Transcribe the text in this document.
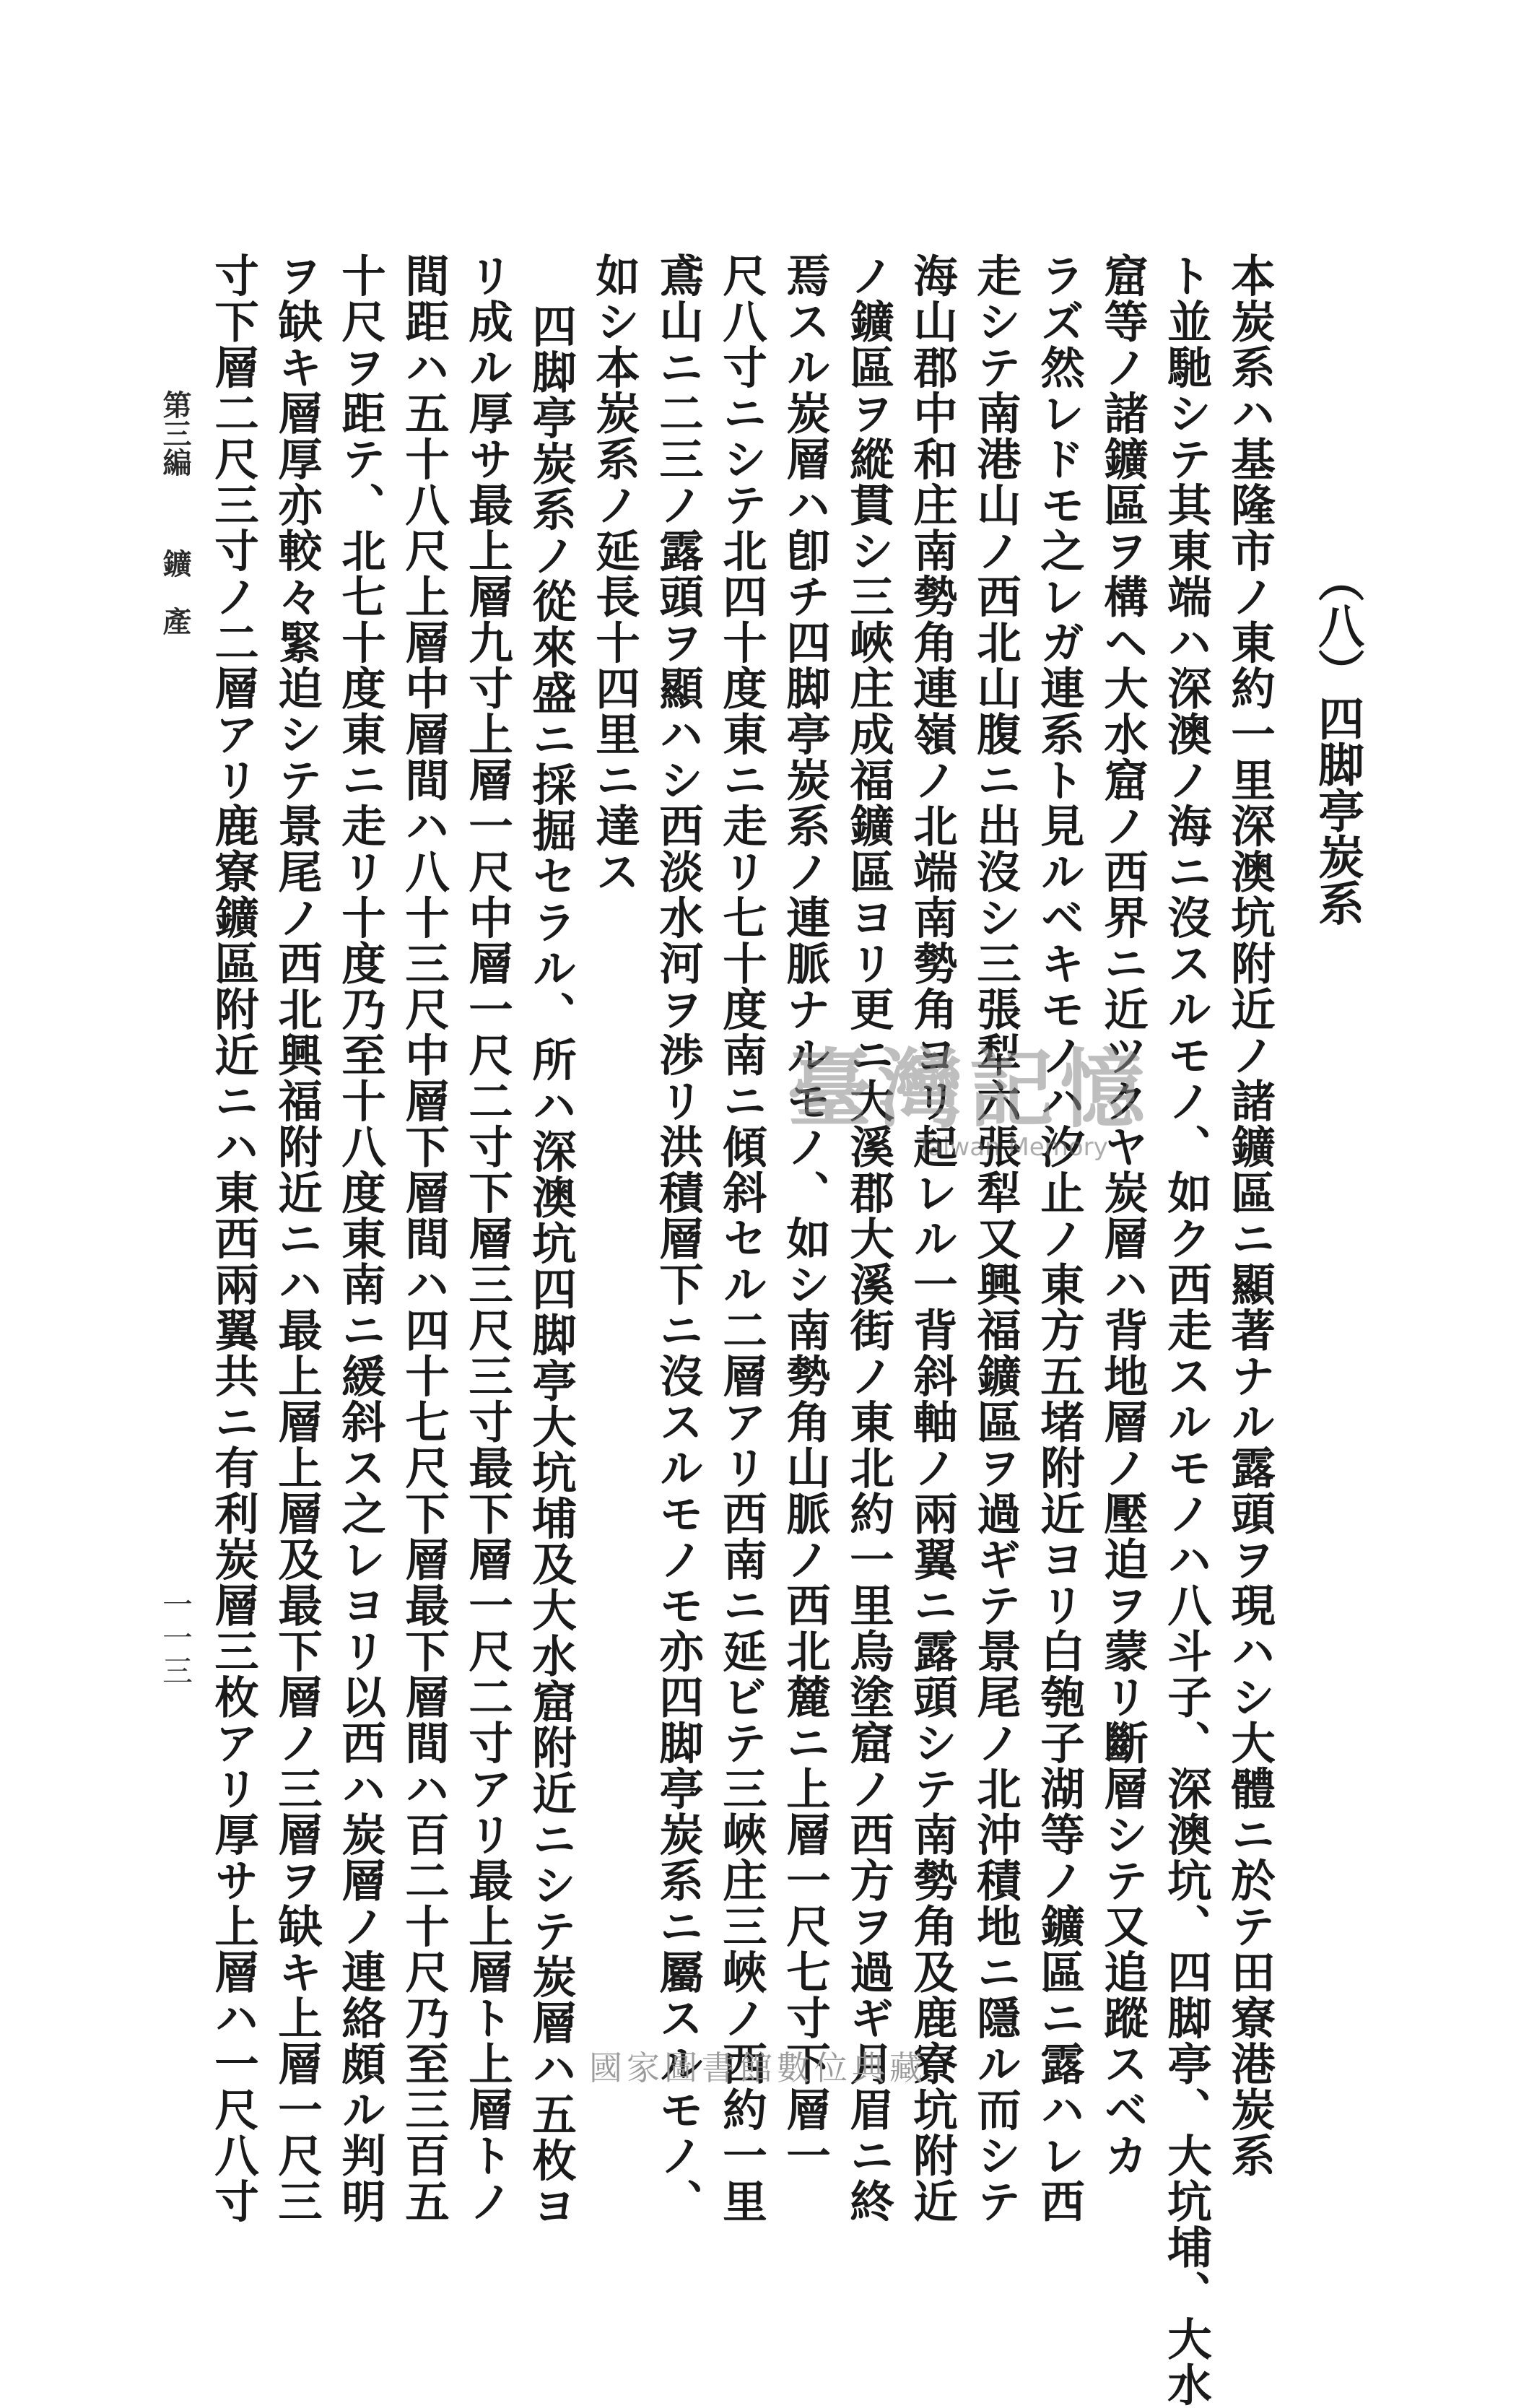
（八）四脚亭炭系
本炭系ハ基隆市ノ東約一里深澳坑附近ノ諸鑛區ニ顯著ナル露頭ヲ現ハシ大體ニ於テ田寮港炭系
ト並馳シテ其東端ハ深澳ノ海ニ沒スルモノ、如ク西走スルモノハ八斗子、深澳坑、四脚亭、大坑埔、大水
窟等ノ諸鑛區ヲ構ヘ大水窟ノ西界ニ近ツクヤ炭層ハ背地層ノ壓迫ヲ蒙リ斷層シテ又追蹤スベカ
ラズ然レドモ之レガ連系ト見ルベキモノハ汐止ノ東方五堵附近ヨリ白匏子湖等ノ鑛區ニ露ハレ西
走シテ南港山ノ西北山腹ニ出沒シ三張犁六張犁又興福鑛區ヲ過ギテ景尾ノ北沖積地ニ隱ル而シテ
海山郡中和庄南勢角連嶺ノ北端南勢角ヨリ起レル一背斜軸ノ兩翼ニ露頭シテ南勢角及鹿寮坑附近
ノ鑛區ヲ縱貫シ三峽庄成福鑛區ヨリ更ニ大溪郡大溪街ノ東北約一里烏塗窟ノ西方ヲ過ギ月眉ニ終
焉スル炭層ハ卽チ四脚亭炭系ノ連脈ナルモノ、如シ南勢角山脈ノ西北麓ニ上層一尺七寸下層一
尺八寸ニシテ北四十度東ニ走リ七十度南ニ傾斜セル二層アリ西南ニ延ビテ三峽庄三峽ノ西約一里
鳶山ニ二三ノ露頭ヲ顯ハシ西淡水河ヲ渉リ洪積層下ニ沒スルモノモ亦四脚亭炭系ニ屬スルモノ、
如シ本炭系ノ延長十四里ニ達ス
四脚亭炭系ノ從來盛ニ採掘セラル、所ハ深澳坑四脚亭大坑埔及大水窟附近ニシテ炭層ハ五枚ヨ
リ成ル厚サ最上層九寸上層一尺中層一尺二寸下層三尺三寸最下層一尺二寸アリ最上層ト上層トノ
間距ハ五十八尺上層中層間ハ八十三尺中層下層間ハ四十七尺下層最下層間ハ百二十尺乃至三百五
十尺ヲ距テ、北七十度東ニ走リ十度乃至十八度東南ニ緩斜ス之レヨリ以西ハ炭層ノ連絡頗ル判明
ヲ缺キ層厚亦較々緊迫シテ景尾ノ西北興福附近ニハ最上層上層及最下層ノ三層ヲ缺キ上層一尺三
寸下層二尺三寸ノ二層アリ鹿寮鑛區附近ニハ東西兩翼共ニ有利炭層三枚アリ厚サ上層ハ一尺八寸
第三編
鑛　產
一一三
臺灣記憶
Taiwan Memory
國家圖書館數位典藏
